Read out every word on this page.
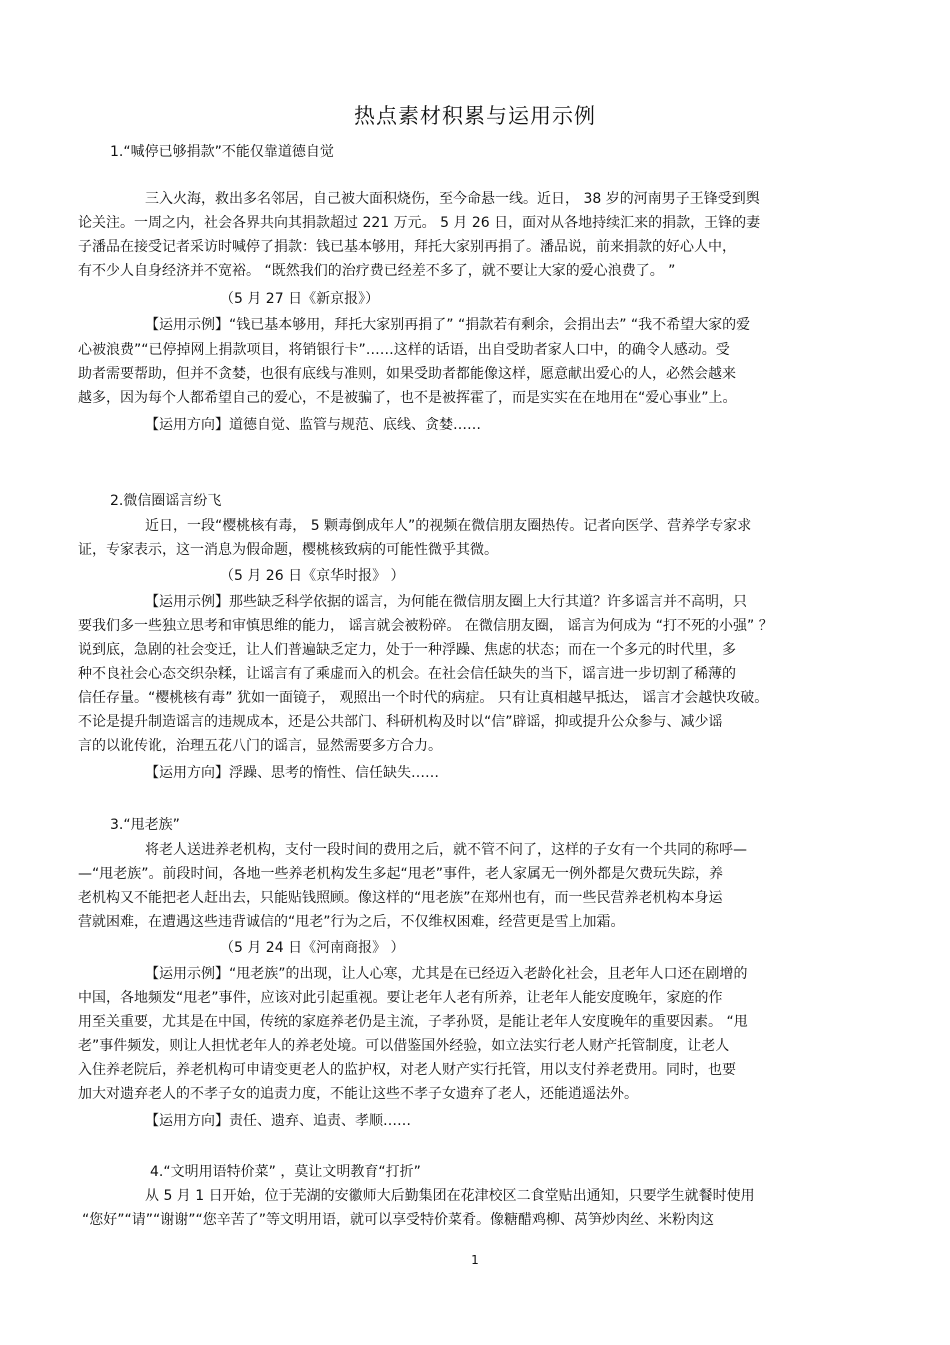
热点素材积累与运用示例
1.“喊停已够捐款”不能仅靠道德自觉
三入火海，救出多名邻居，自己被大面积烧伤，至今命悬一线。近日， 38 岁的河南男子王锋受到舆
论关注。一周之内，社会各界共向其捐款超过 221 万元。 5 月 26 日，面对从各地持续汇来的捐款，王锋的妻
子潘品在接受记者采访时喊停了捐款：钱已基本够用，拜托大家别再捐了。潘品说，前来捐款的好心人中，
有不少人自身经济并不宽裕。 “既然我们的治疗费已经差不多了，就不要让大家的爱心浪费了。 ”
（5 月 27 日《新京报》）
【运用示例】“钱已基本够用，拜托大家别再捐了” “捐款若有剩余，会捐出去” “我不希望大家的爱
心被浪费”“已停掉网上捐款项目，将销银行卡”……这样的话语，出自受助者家人口中，的确令人感动。受
助者需要帮助，但并不贪婪，也很有底线与准则，如果受助者都能像这样，愿意献出爱心的人，必然会越来
越多，因为每个人都希望自己的爱心，不是被骗了，也不是被挥霍了，而是实实在在地用在“爱心事业”上。
【运用方向】道德自觉、监管与规范、底线、贪婪……
2.微信圈谣言纷飞
近日，一段“樱桃核有毒， 5 颗毒倒成年人”的视频在微信朋友圈热传。记者向医学、营养学专家求
证，专家表示，这一消息为假命题，樱桃核致病的可能性微乎其微。
（5 月 26 日《京华时报》 ）
【运用示例】那些缺乏科学依据的谣言，为何能在微信朋友圈上大行其道？许多谣言并不高明，只
要我们多一些独立思考和审慎思维的能力， 谣言就会被粉碎。 在微信朋友圈， 谣言为何成为 “打不死的小强” ？
说到底，急剧的社会变迁，让人们普遍缺乏定力，处于一种浮躁、焦虑的状态；而在一个多元的时代里，多
种不良社会心态交织杂糅，让谣言有了乘虚而入的机会。在社会信任缺失的当下，谣言进一步切割了稀薄的
信任存量。“樱桃核有毒” 犹如一面镜子， 观照出一个时代的病症。 只有让真相越早抵达， 谣言才会越快攻破。
不论是提升制造谣言的违规成本，还是公共部门、科研机构及时以“信”辟谣，抑或提升公众参与、减少谣
言的以讹传讹，治理五花八门的谣言，显然需要多方合力。
【运用方向】浮躁、思考的惰性、信任缺失……
3.“甩老族”
将老人送进养老机构，支付一段时间的费用之后，就不管不问了，这样的子女有一个共同的称呼—
—“甩老族”。前段时间，各地一些养老机构发生多起“甩老”事件，老人家属无一例外都是欠费玩失踪，养
老机构又不能把老人赶出去，只能贴钱照顾。像这样的“甩老族”在郑州也有，而一些民营养老机构本身运
营就困难，在遭遇这些违背诚信的“甩老”行为之后，不仅维权困难，经营更是雪上加霜。
（5 月 24 日《河南商报》 ）
【运用示例】“甩老族”的出现，让人心寒，尤其是在已经迈入老龄化社会，且老年人口还在剧增的
中国，各地频发“甩老”事件，应该对此引起重视。要让老年人老有所养，让老年人能安度晚年，家庭的作
用至关重要，尤其是在中国，传统的家庭养老仍是主流，子孝孙贤，是能让老年人安度晚年的重要因素。 “甩
老”事件频发，则让人担忧老年人的养老处境。可以借鉴国外经验，如立法实行老人财产托管制度，让老人
入住养老院后，养老机构可申请变更老人的监护权，对老人财产实行托管，用以支付养老费用。同时，也要
加大对遗弃老人的不孝子女的追责力度，不能让这些不孝子女遗弃了老人，还能逍遥法外。
【运用方向】责任、遗弃、追责、孝顺……
4.“文明用语特价菜” ，莫让文明教育“打折”
从 5 月 1 日开始，位于芜湖的安徽师大后勤集团在花津校区二食堂贴出通知，只要学生就餐时使用
“您好”“请”“谢谢”“您辛苦了”等文明用语，就可以享受特价菜肴。像糖醋鸡柳、莴笋炒肉丝、米粉肉这
1
